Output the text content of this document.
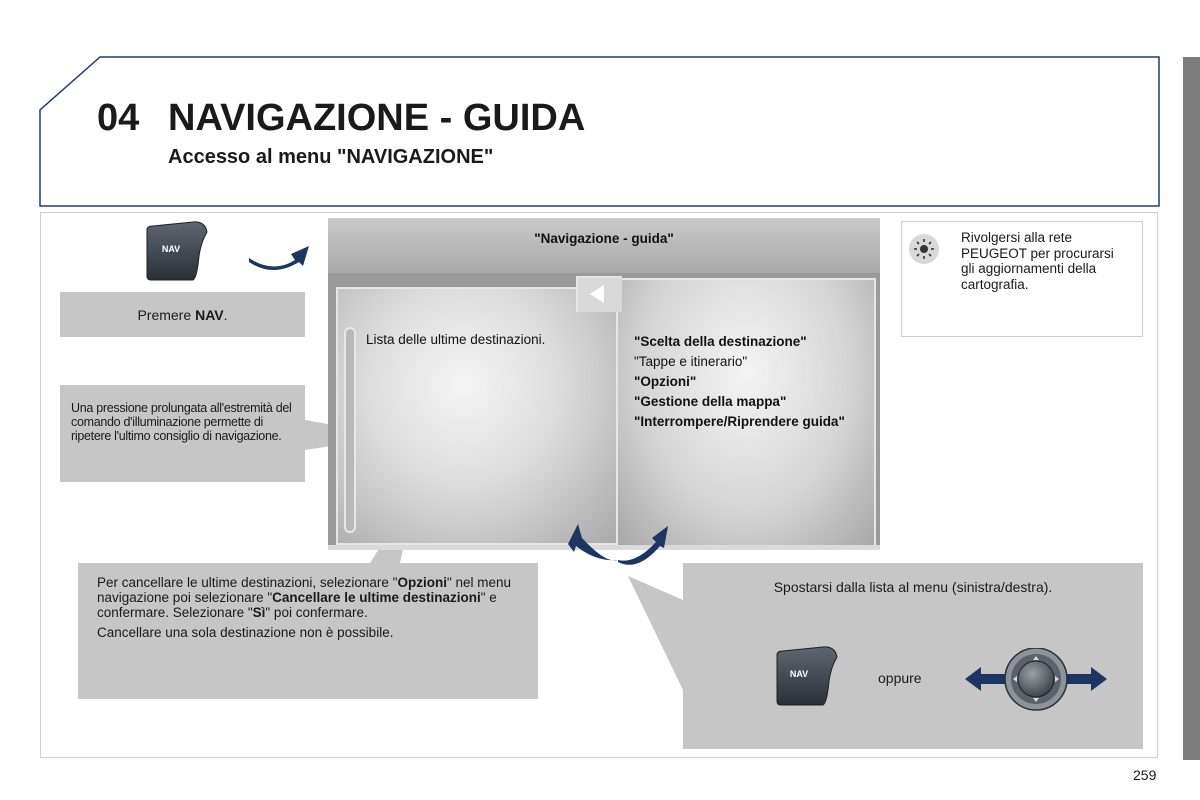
04 NAVIGAZIONE - GUIDA
Accesso al menu "NAVIGAZIONE"
NAV
Premere NAV .
Una pressione prolungata all'estremità del comando d'illuminazione permette di ripetere l'ultimo consiglio di navigazione.
"Navigazione - guida"
Lista delle ultime destinazioni.	"Scelta della destinazione"
"Tappe e itinerario"
"Opzioni"
"Gestione della mappa"
"Interrompere/Riprendere guida"
Rivolgersi alla rete PEUGEOT per procurarsi gli aggiornamenti della cartografia.

Per cancellare le ultime destinazioni, selezionare "Opzioni" nel menu navigazione poi selezionare "Cancellare le ultime destinazioni" e confermare. Selezionare "Sì" poi confermare.

Cancellare una sola destinazione non è possibile.

Spostarsi dalla lista al menu (sinistra/destra).
oppure
NAV
259
